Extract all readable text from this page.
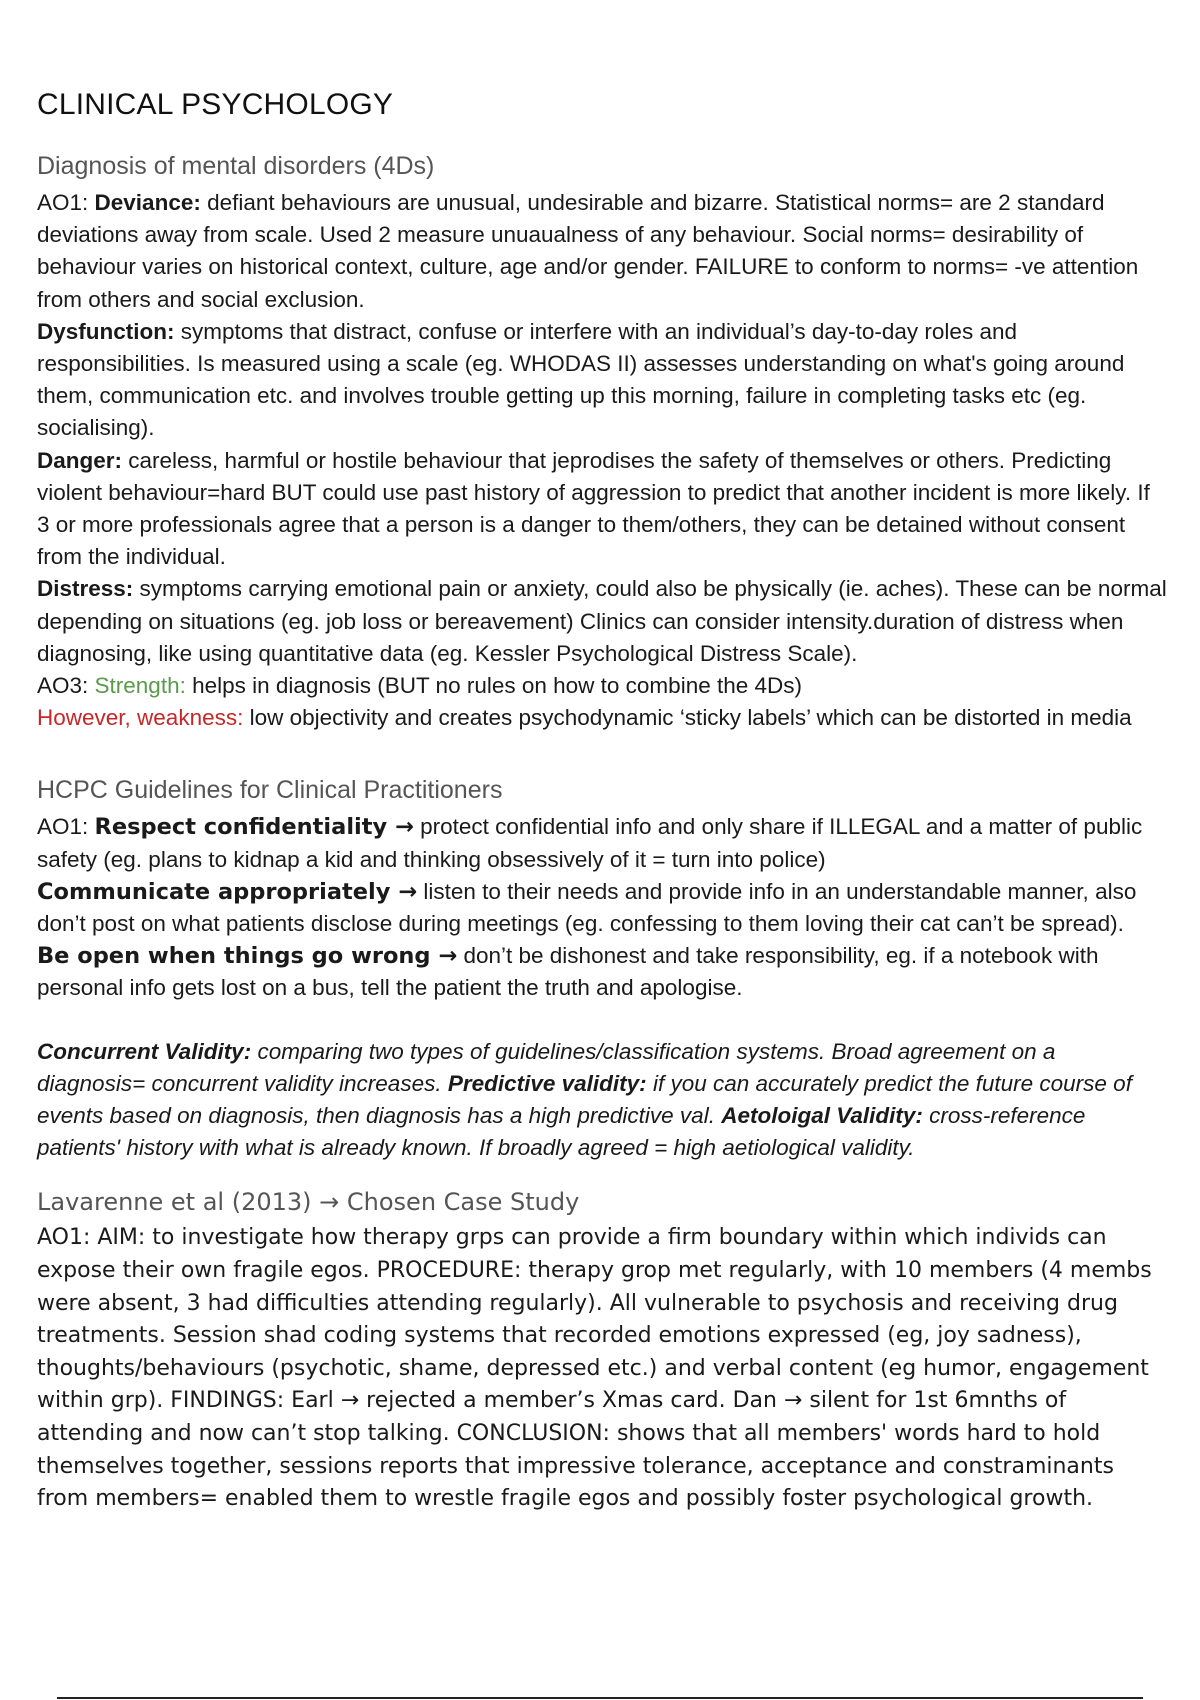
CLINICAL PSYCHOLOGY
Diagnosis of mental disorders (4Ds)

AO1: Deviance: defiant behaviours are unusual, undesirable and bizarre. Statistical norms= are 2 standard deviations away from scale. Used 2 measure unuaualness of any behaviour. Social norms= desirability of behaviour varies on historical context, culture, age and/or gender. FAILURE to conform to norms= -ve attention from others and social exclusion.

Dysfunction: symptoms that distract, confuse or interfere with an individual’s day-to-day roles and responsibilities. Is measured using a scale (eg. WHODAS II) assesses understanding on what's going around them, communication etc. and involves trouble getting up this morning, failure in completing tasks etc (eg. socialising).

Danger: careless, harmful or hostile behaviour that jeprodises the safety of themselves or others. Predicting violent behaviour=hard BUT could use past history of aggression to predict that another incident is more likely. If 3 or more professionals agree that a person is a danger to them/others, they can be detained without consent from the individual.

Distress: symptoms carrying emotional pain or anxiety, could also be physically (ie. aches). These can be normal depending on situations (eg. job loss or bereavement) Clinics can consider intensity.duration of distress when diagnosing, like using quantitative data (eg. Kessler Psychological Distress Scale).

AO3: Strength: helps in diagnosis (BUT no rules on how to combine the 4Ds)

However, weakness: low objectivity and creates psychodynamic ‘sticky labels’ which can be distorted in media

HCPC Guidelines for Clinical Practitioners

AO1: Respect confidentiality → protect confidential info and only share if ILLEGAL and a matter of public safety (eg. plans to kidnap a kid and thinking obsessively of it = turn into police)

Communicate appropriately → listen to their needs and provide info in an understandable manner, also don’t post on what patients disclose during meetings (eg. confessing to them loving their cat can’t be spread).

Be open when things go wrong → don’t be dishonest and take responsibility, eg. if a notebook with personal info gets lost on a bus, tell the patient the truth and apologise.

Concurrent Validity: comparing two types of guidelines/classification systems. Broad agreement on a diagnosis= concurrent validity increases. Predictive validity: if you can accurately predict the future course of events based on diagnosis, then diagnosis has a high predictive val. Aetoloigal Validity: cross-reference patients' history with what is already known. If broadly agreed = high aetiological validity.

Lavarenne et al (2013) → Chosen Case Study

AO1: AIM: to investigate how therapy grps can provide a firm boundary within which individs can expose their own fragile egos. PROCEDURE: therapy grop met regularly, with 10 members (4 membs were absent, 3 had difficulties attending regularly). All vulnerable to psychosis and receiving drug treatments. Session shad coding systems that recorded emotions expressed (eg, joy sadness), thoughts/behaviours (psychotic, shame, depressed etc.) and verbal content (eg humor, engagement within grp). FINDINGS: Earl → rejected a member’s Xmas card. Dan → silent for 1st 6mnths of attending and now can’t stop talking. CONCLUSION: shows that all members' words hard to hold themselves together, sessions reports that impressive tolerance, acceptance and constraminants from members= enabled them to wrestle fragile egos and possibly foster psychological growth.
